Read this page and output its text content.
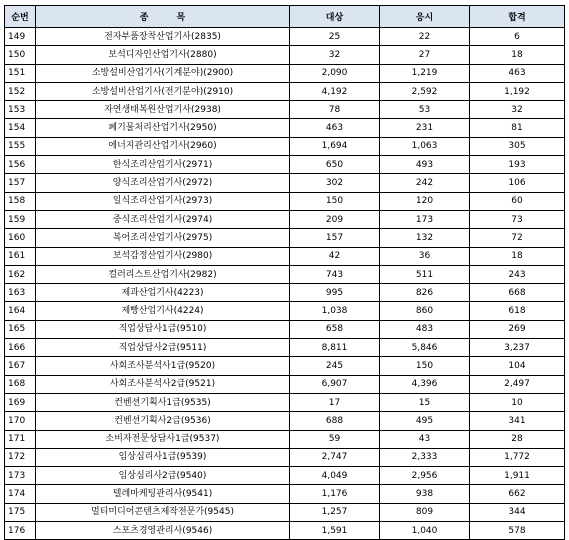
순번	종목	대상	응시	합격
149	전자부품장착산업기사(2835)	25	22	6
150	보석디자인산업기사(2880)	32	27	18
151	소방설비산업기사(기계분야)(2900)	2,090	1,219	463
152	소방설비산업기사(전기분야)(2910)	4,192	2,592	1,192
153	자연생태복원산업기사(2938)	78	53	32
154	폐기물처리산업기사(2950)	463	231	81
155	에너지관리산업기사(2960)	1,694	1,063	305
156	한식조리산업기사(2971)	650	493	193
157	양식조리산업기사(2972)	302	242	106
158	일식조리산업기사(2973)	150	120	60
159	중식조리산업기사(2974)	209	173	73
160	복어조리산업기사(2975)	157	132	72
161	보석감정산업기사(2980)	42	36	18
162	컬러리스트산업기사(2982)	743	511	243
163	제과산업기사(4223)	995	826	668
164	제빵산업기사(4224)	1,038	860	618
165	직업상담사1급(9510)	658	483	269
166	직업상담사2급(9511)	8,811	5,846	3,237
167	사회조사분석사1급(9520)	245	150	104
168	사회조사분석사2급(9521)	6,907	4,396	2,497
169	컨벤션기획사1급(9535)	17	15	10
170	컨벤션기획사2급(9536)	688	495	341
171	소비자전문상담사1급(9537)	59	43	28
172	임상심리사1급(9539)	2,747	2,333	1,772
173	임상심리사2급(9540)	4,049	2,956	1,911
174	텔레마케팅관리사(9541)	1,176	938	662
175	멀티미디어콘텐츠제작전문가(9545)	1,257	809	344
176	스포츠경영관리사(9546)	1,591	1,040	578
